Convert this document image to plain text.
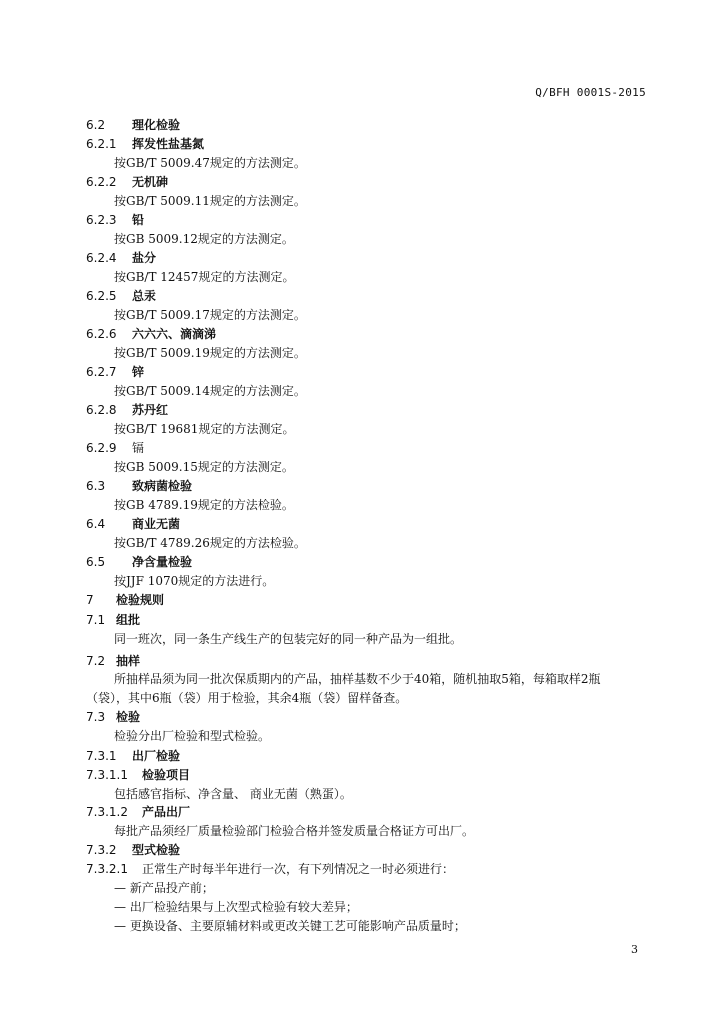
Q/BFH 0001S-2015
6.2 理化检验
6.2.1 挥发性盐基氮
按GB/T 5009.47规定的方法测定。
6.2.2 无机砷
按GB/T 5009.11规定的方法测定。
6.2.3 铅
按GB 5009.12规定的方法测定。
6.2.4 盐分
按GB/T 12457规定的方法测定。
6.2.5 总汞
按GB/T 5009.17规定的方法测定。
6.2.6 六六六、滴滴涕
按GB/T 5009.19规定的方法测定。
6.2.7 锌
按GB/T 5009.14规定的方法测定。
6.2.8 苏丹红
按GB/T 19681规定的方法测定。
6.2.9 镉
按GB 5009.15规定的方法测定。
6.3 致病菌检验
按GB 4789.19规定的方法检验。
6.4 商业无菌
按GB/T 4789.26规定的方法检验。
6.5 净含量检验
按JJF 1070规定的方法进行。
7 检验规则
7.1 组批
同一班次，同一条生产线生产的包装完好的同一种产品为一组批。
7.2 抽样
所抽样品须为同一批次保质期内的产品，抽样基数不少于40箱，随机抽取5箱，每箱取样2瓶
（袋），其中6瓶（袋）用于检验，其余4瓶（袋）留样备查。
7.3 检验
检验分出厂检验和型式检验。
7.3.1 出厂检验
7.3.1.1 检验项目
包括感官指标、净含量、 商业无菌（熟蛋）。
7.3.1.2 产品出厂
每批产品须经厂质量检验部门检验合格并签发质量合格证方可出厂。
7.3.2 型式检验
7.3.2.1 正常生产时每半年进行一次，有下列情况之一时必须进行：
— 新产品投产前；
— 出厂检验结果与上次型式检验有较大差异；
— 更换设备、主要原辅材料或更改关键工艺可能影响产品质量时；
3
